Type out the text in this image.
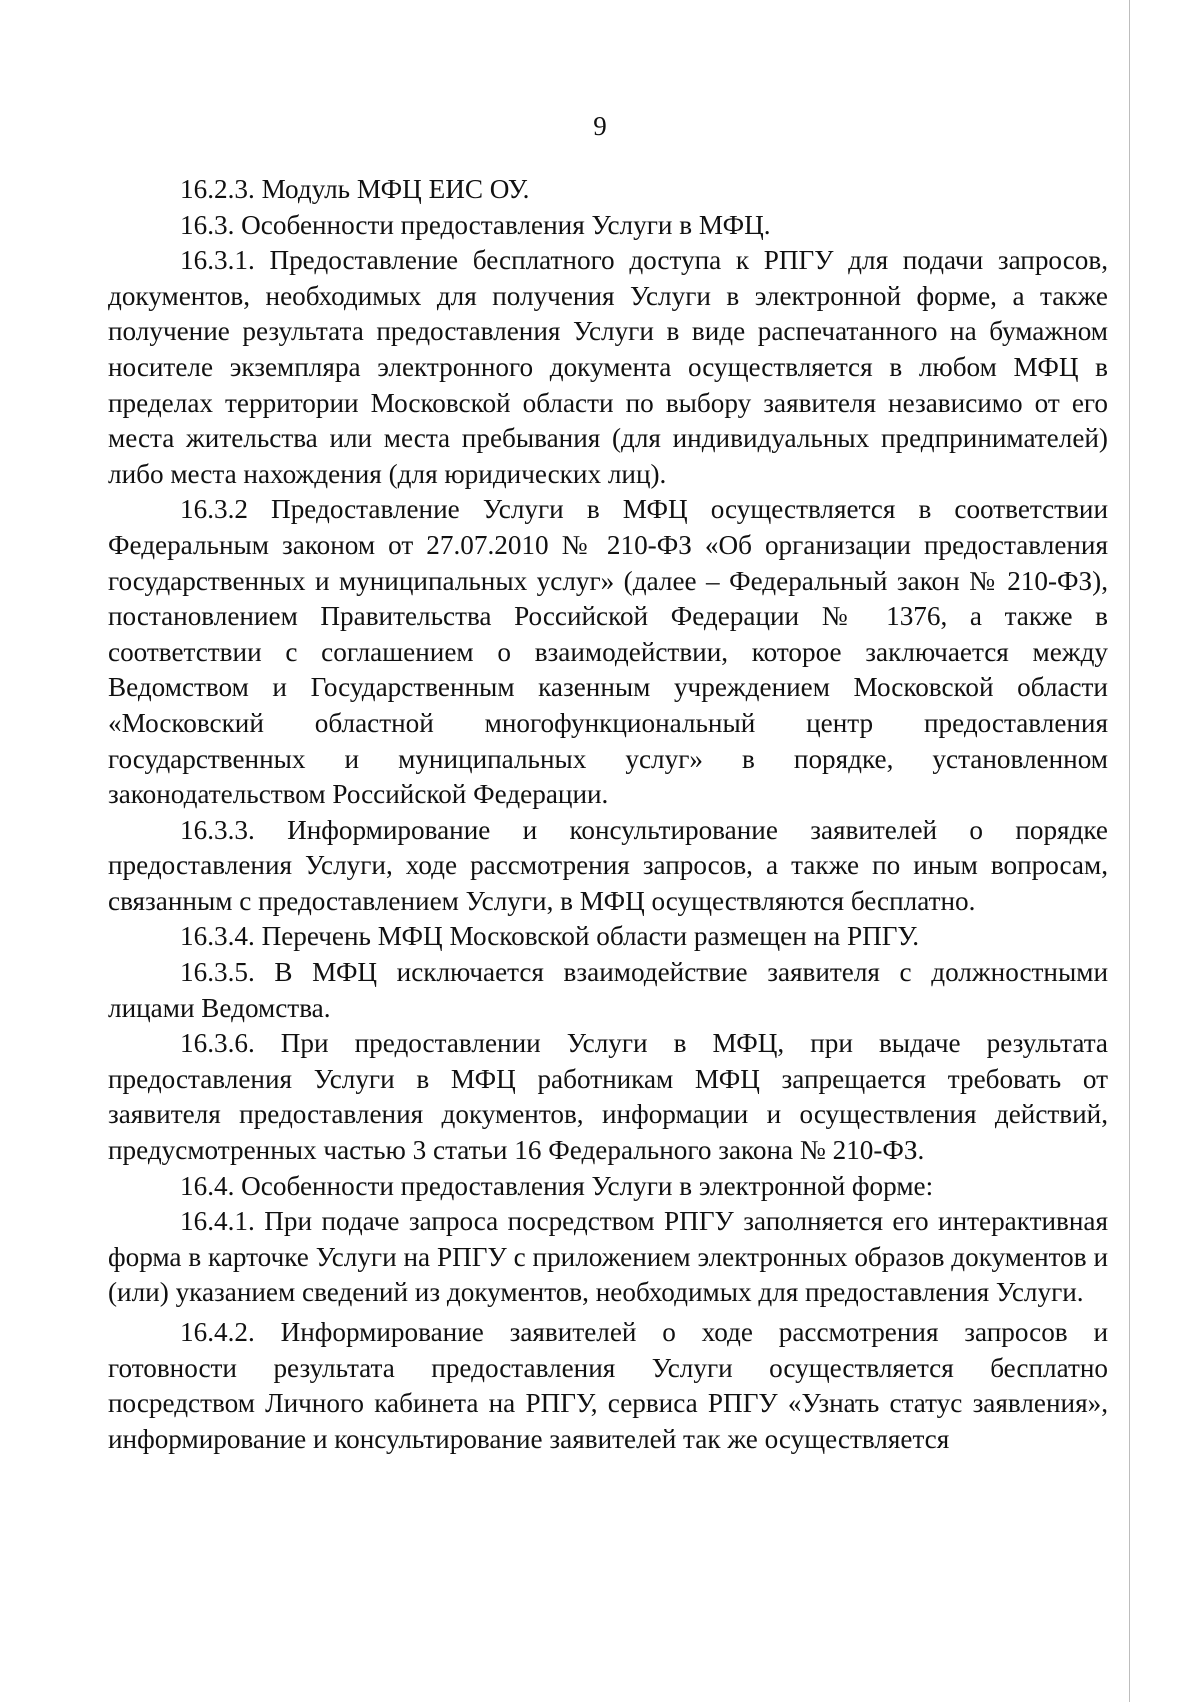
9

16.2.3. Модуль МФЦ ЕИС ОУ.

16.3. Особенности предоставления Услуги в МФЦ.

16.3.1. Предоставление бесплатного доступа к РПГУ для подачи запросов, документов, необходимых для получения Услуги в электронной форме, а также получение результата предоставления Услуги в виде распечатанного на бумажном носителе экземпляра электронного документа осуществляется в любом МФЦ в пределах территории Московской области по выбору заявителя независимо от его места жительства или места пребывания (для индивидуальных предпринимателей) либо места нахождения (для юридических лиц).

16.3.2 Предоставление Услуги в МФЦ осуществляется в соответствии Федеральным законом от 27.07.2010 № 210-ФЗ «Об организации предоставления государственных и муниципальных услуг» (далее – Федеральный закон № 210-ФЗ), постановлением Правительства Российской Федерации № 1376, а также в соответствии с соглашением о взаимодействии, которое заключается между Ведомством и Государственным казенным учреждением Московской области «Московский областной многофункциональный центр предоставления государственных и муниципальных услуг» в порядке, установленном законодательством Российской Федерации.

16.3.3. Информирование и консультирование заявителей о порядке предоставления Услуги, ходе рассмотрения запросов, а также по иным вопросам, связанным с предоставлением Услуги, в МФЦ осуществляются бесплатно.

16.3.4. Перечень МФЦ Московской области размещен на РПГУ.

16.3.5. В МФЦ исключается взаимодействие заявителя с должностными лицами Ведомства.

16.3.6. При предоставлении Услуги в МФЦ, при выдаче результата предоставления Услуги в МФЦ работникам МФЦ запрещается требовать от заявителя предоставления документов, информации и осуществления действий, предусмотренных частью 3 статьи 16 Федерального закона № 210-ФЗ.

16.4. Особенности предоставления Услуги в электронной форме:

16.4.1. При подаче запроса посредством РПГУ заполняется его интерактивная форма в карточке Услуги на РПГУ с приложением электронных образов документов и (или) указанием сведений из документов, необходимых для предоставления Услуги.

16.4.2. Информирование заявителей о ходе рассмотрения запросов и готовности результата предоставления Услуги осуществляется бесплатно посредством Личного кабинета на РПГУ, сервиса РПГУ «Узнать статус заявления», информирование и консультирование заявителей так же осуществляется
